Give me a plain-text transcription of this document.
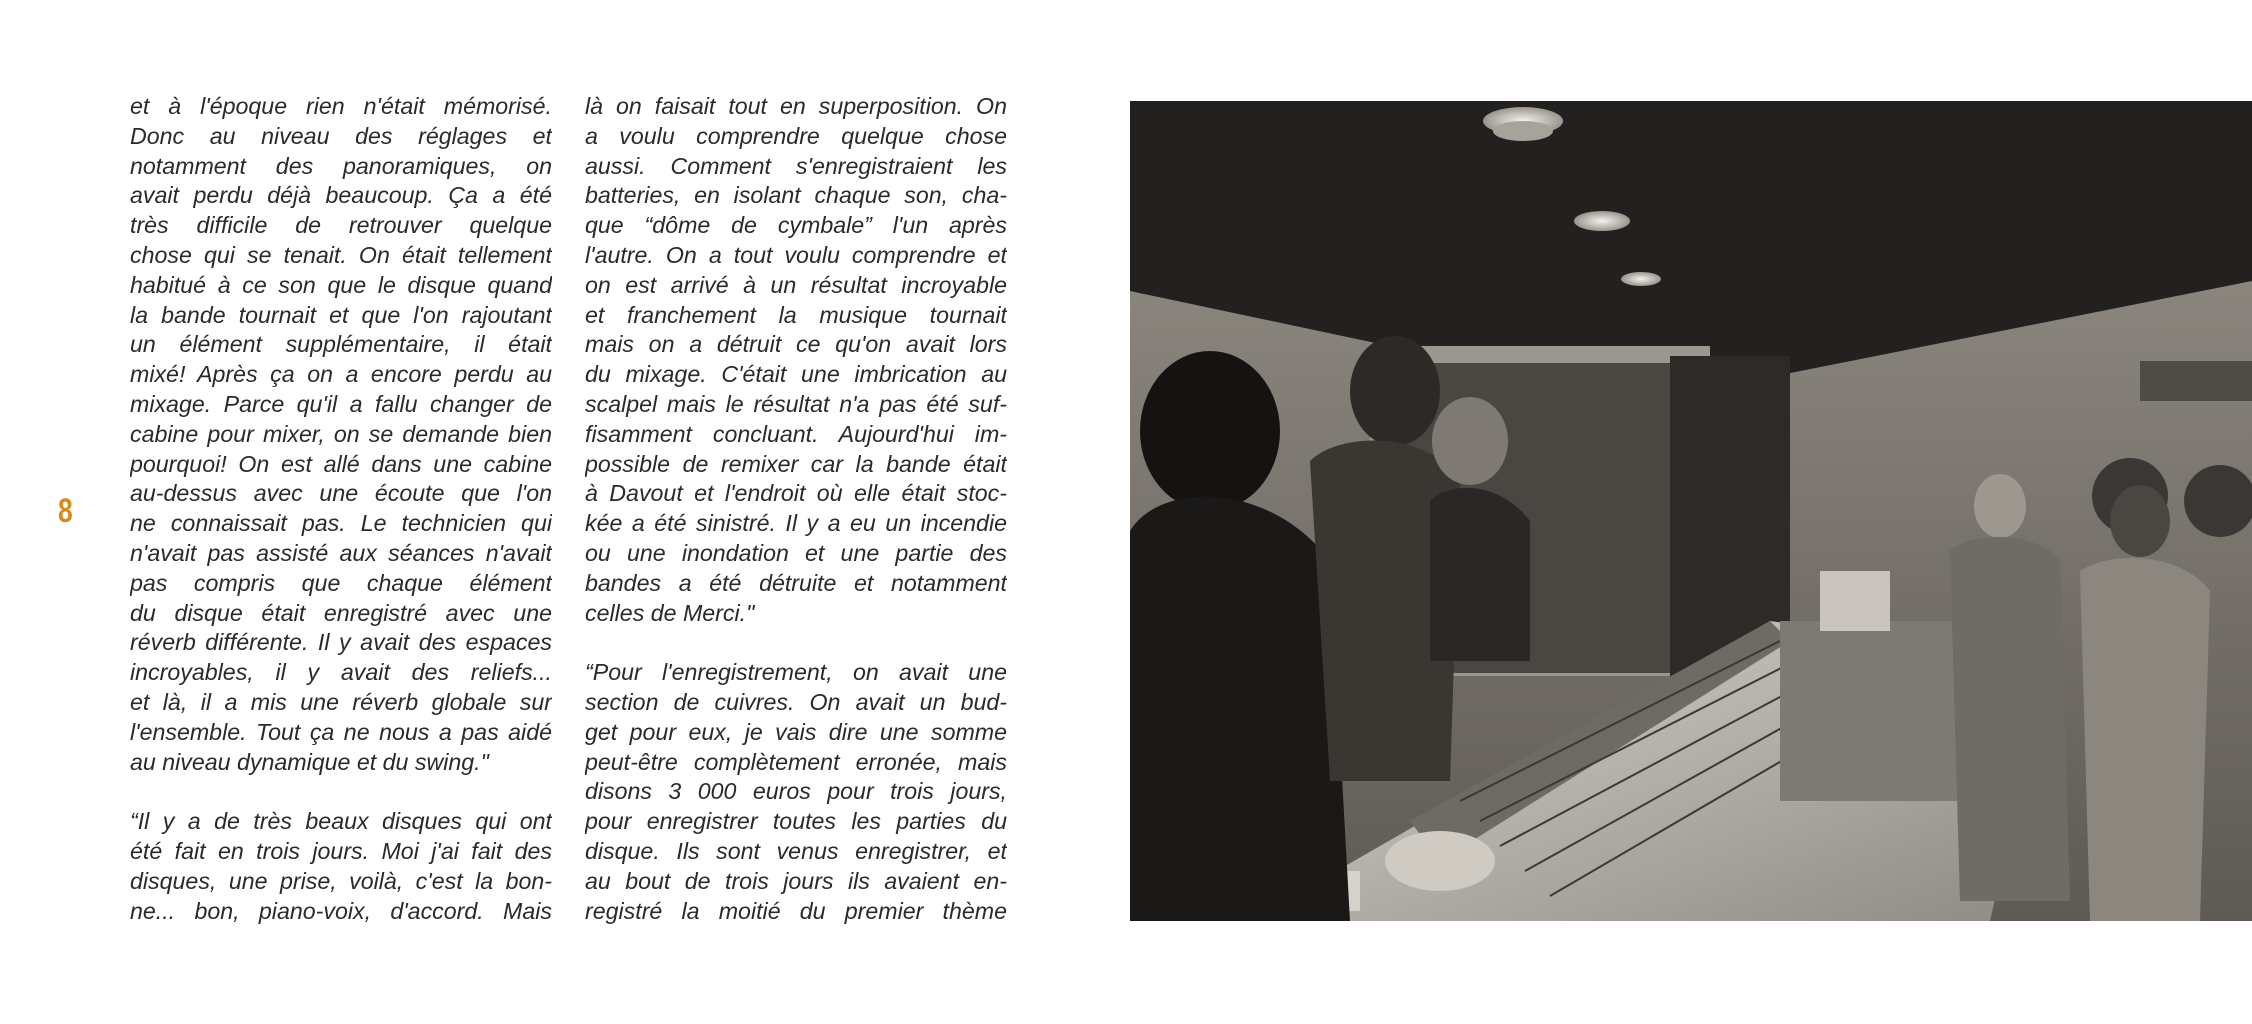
8

et à l'époque rien n'était mémorisé.
Donc au niveau des réglages et
notamment des panoramiques, on
avait perdu déjà beaucoup. Ça a été
très difficile de retrouver quelque
chose qui se tenait. On était tellement
habitué à ce son que le disque quand
la bande tournait et que l'on rajoutant
un élément supplémentaire, il était
mixé! Après ça on a encore perdu au
mixage. Parce qu'il a fallu changer de
cabine pour mixer, on se demande bien
pourquoi! On est allé dans une cabine
au-dessus avec une écoute que l'on
ne connaissait pas. Le technicien qui
n'avait pas assisté aux séances n'avait
pas compris que chaque élément
du disque était enregistré avec une
réverb différente. Il y avait des espaces
incroyables, il y avait des reliefs...
et là, il a mis une réverb globale sur
l'ensemble. Tout ça ne nous a pas aidé
au niveau dynamique et du swing."

“Il y a de très beaux disques qui ont
été fait en trois jours. Moi j'ai fait des
disques, une prise, voilà, c'est la bon-
ne... bon, piano-voix, d'accord. Mais

là on faisait tout en superposition. On
a voulu comprendre quelque chose
aussi. Comment s'enregistraient les
batteries, en isolant chaque son, cha-
que “dôme de cymbale” l'un après
l'autre. On a tout voulu comprendre et
on est arrivé à un résultat incroyable
et franchement la musique tournait
mais on a détruit ce qu'on avait lors
du mixage. C'était une imbrication au
scalpel mais le résultat n'a pas été suf-
fisamment concluant. Aujourd'hui im-
possible de remixer car la bande était
à Davout et l'endroit où elle était stoc-
kée a été sinistré. Il y a eu un incendie
ou une inondation et une partie des
bandes a été détruite et notamment
celles de Merci."

“Pour l'enregistrement, on avait une
section de cuivres. On avait un bud-
get pour eux, je vais dire une somme
peut-être complètement erronée, mais
disons 3 000 euros pour trois jours,
pour enregistrer toutes les parties du
disque. Ils sont venus enregistrer, et
au bout de trois jours ils avaient en-
registré la moitié du premier thème
